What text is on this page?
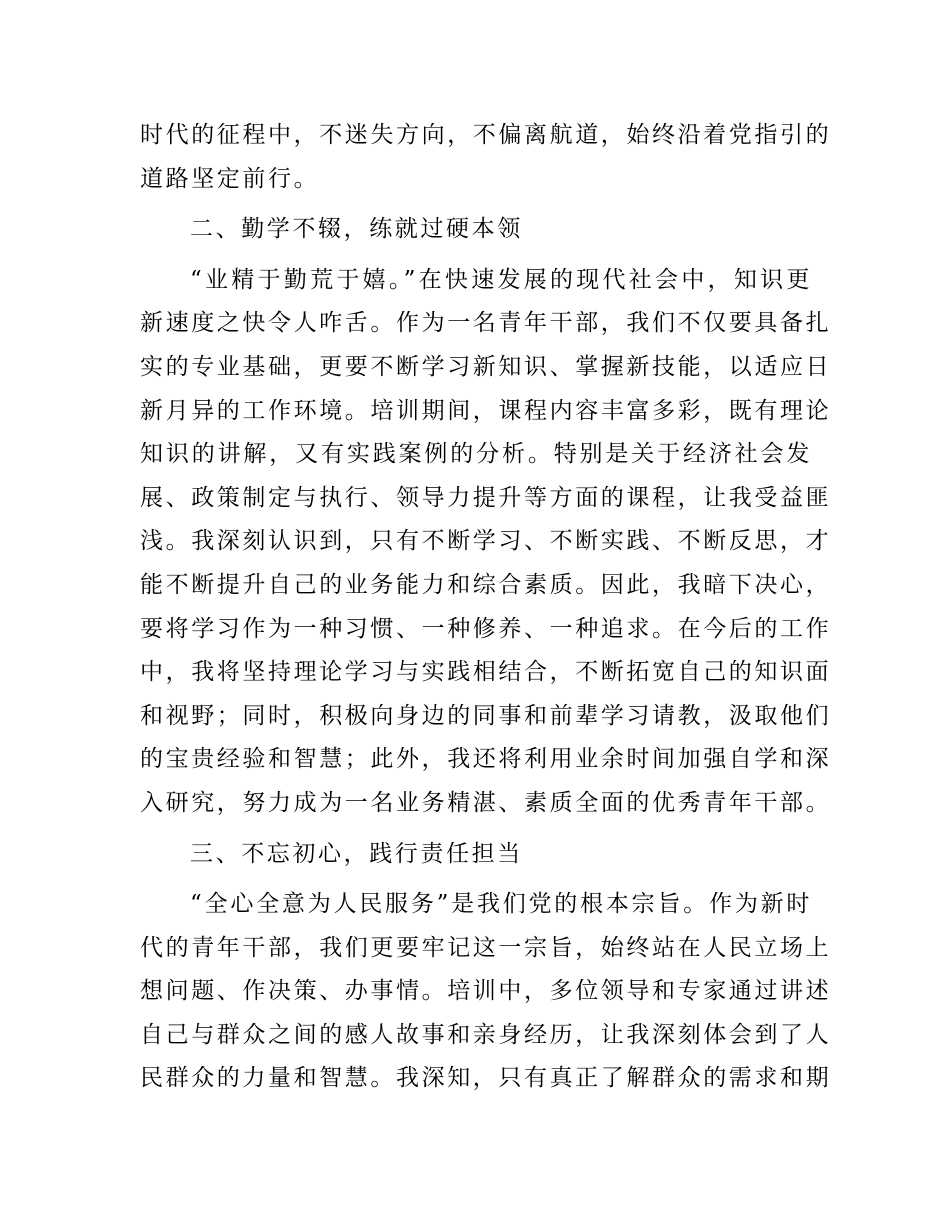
时代的征程中，不迷失方向，不偏离航道，始终沿着党指引的
道路坚定前行。
二、勤学不辍，练就过硬本领
“业精于勤荒于嬉。”在快速发展的现代社会中，知识更
新速度之快令人咋舌。作为一名青年干部，我们不仅要具备扎
实的专业基础，更要不断学习新知识、掌握新技能，以适应日
新月异的工作环境。培训期间，课程内容丰富多彩，既有理论
知识的讲解，又有实践案例的分析。特别是关于经济社会发
展、政策制定与执行、领导力提升等方面的课程，让我受益匪
浅。我深刻认识到，只有不断学习、不断实践、不断反思，才
能不断提升自己的业务能力和综合素质。因此，我暗下决心，
要将学习作为一种习惯、一种修养、一种追求。在今后的工作
中，我将坚持理论学习与实践相结合，不断拓宽自己的知识面
和视野；同时，积极向身边的同事和前辈学习请教，汲取他们
的宝贵经验和智慧；此外，我还将利用业余时间加强自学和深
入研究，努力成为一名业务精湛、素质全面的优秀青年干部。
三、不忘初心，践行责任担当
“全心全意为人民服务”是我们党的根本宗旨。作为新时
代的青年干部，我们更要牢记这一宗旨，始终站在人民立场上
想问题、作决策、办事情。培训中，多位领导和专家通过讲述
自己与群众之间的感人故事和亲身经历，让我深刻体会到了人
民群众的力量和智慧。我深知，只有真正了解群众的需求和期
